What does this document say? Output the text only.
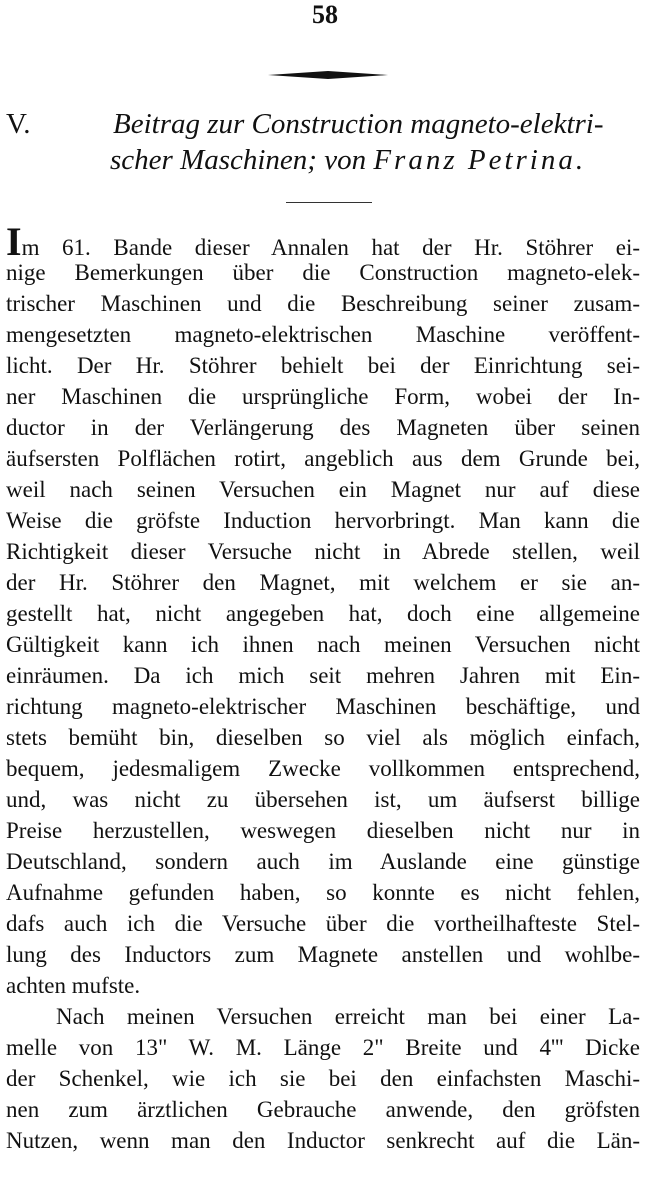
58
V.	Beitrag zur Construction magneto-elektri-
scher Maschinen; von Franz Petrina.
Im 61. Bande dieser Annalen hat der Hr. Stöhrer ei-
nige Bemerkungen über die Construction magneto-elek-
trischer Maschinen und die Beschreibung seiner zusam-
mengesetzten magneto-elektrischen Maschine veröffent-
licht. Der Hr. Stöhrer behielt bei der Einrichtung sei-
ner Maschinen die ursprüngliche Form, wobei der In-
ductor in der Verlängerung des Magneten über seinen
äufsersten Polflächen rotirt, angeblich aus dem Grunde bei,
weil nach seinen Versuchen ein Magnet nur auf diese
Weise die gröfste Induction hervorbringt. Man kann die
Richtigkeit dieser Versuche nicht in Abrede stellen, weil
der Hr. Stöhrer den Magnet, mit welchem er sie an-
gestellt hat, nicht angegeben hat, doch eine allgemeine
Gültigkeit kann ich ihnen nach meinen Versuchen nicht
einräumen. Da ich mich seit mehren Jahren mit Ein-
richtung magneto-elektrischer Maschinen beschäftige, und
stets bemüht bin, dieselben so viel als möglich einfach,
bequem, jedesmaligem Zwecke vollkommen entsprechend,
und, was nicht zu übersehen ist, um äufserst billige
Preise herzustellen, weswegen dieselben nicht nur in
Deutschland, sondern auch im Auslande eine günstige
Aufnahme gefunden haben, so konnte es nicht fehlen,
dafs auch ich die Versuche über die vortheilhafteste Stel-
lung des Inductors zum Magnete anstellen und wohlbe-
achten mufste.
Nach meinen Versuchen erreicht man bei einer La-
melle von 13" W. M. Länge 2" Breite und 4''' Dicke
der Schenkel, wie ich sie bei den einfachsten Maschi-
nen zum ärztlichen Gebrauche anwende, den gröfsten
Nutzen, wenn man den Inductor senkrecht auf die Län-
